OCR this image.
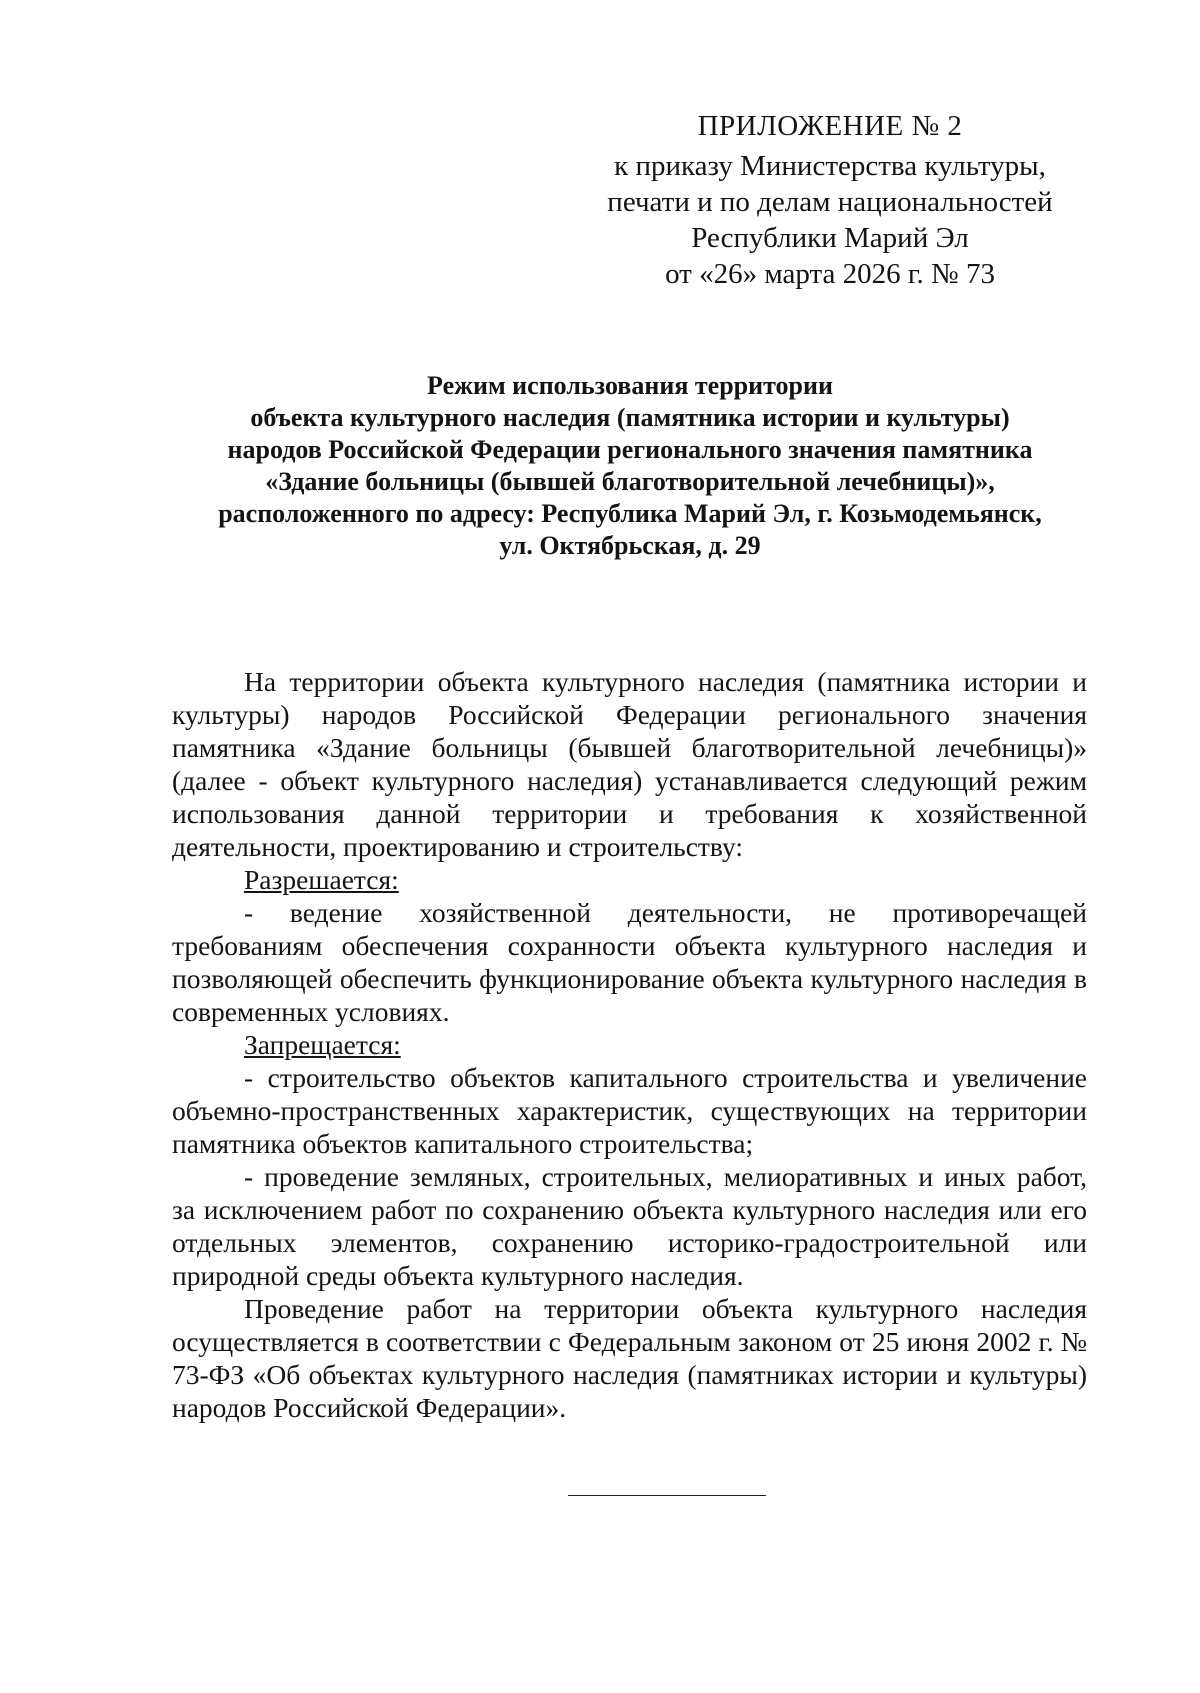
ПРИЛОЖЕНИЕ № 2
к приказу Министерства культуры,
печати и по делам национальностей
Республики Марий Эл
от «26» марта 2026 г. № 73
Режим использования территории
объекта культурного наследия (памятника истории и культуры)
народов Российской Федерации регионального значения памятника
«Здание больницы (бывшей благотворительной лечебницы)»,
расположенного по адресу: Республика Марий Эл, г. Козьмодемьянск,
ул. Октябрьская, д. 29

На территории объекта культурного наследия (памятника истории и культуры) народов Российской Федерации регионального значения памятника «Здание больницы (бывшей благотворительной лечебницы)» (далее - объект культурного наследия) устанавливается следующий режим использования данной территории и требования к хозяйственной деятельности, проектированию и строительству:

Разрешается:

- ведение хозяйственной деятельности, не противоречащей требованиям обеспечения сохранности объекта культурного наследия и позволяющей обеспечить функционирование объекта культурного наследия в современных условиях.

Запрещается:

- строительство объектов капитального строительства и увеличение объемно-пространственных характеристик, существующих на территории памятника объектов капитального строительства;

- проведение земляных, строительных, мелиоративных и иных работ, за исключением работ по сохранению объекта культурного наследия или его отдельных элементов, сохранению историко-градостроительной или природной среды объекта культурного наследия.

Проведение работ на территории объекта культурного наследия осуществляется в соответствии с Федеральным законом от 25 июня 2002 г. № 73-ФЗ «Об объектах культурного наследия (памятниках истории и культуры) народов Российской Федерации».
